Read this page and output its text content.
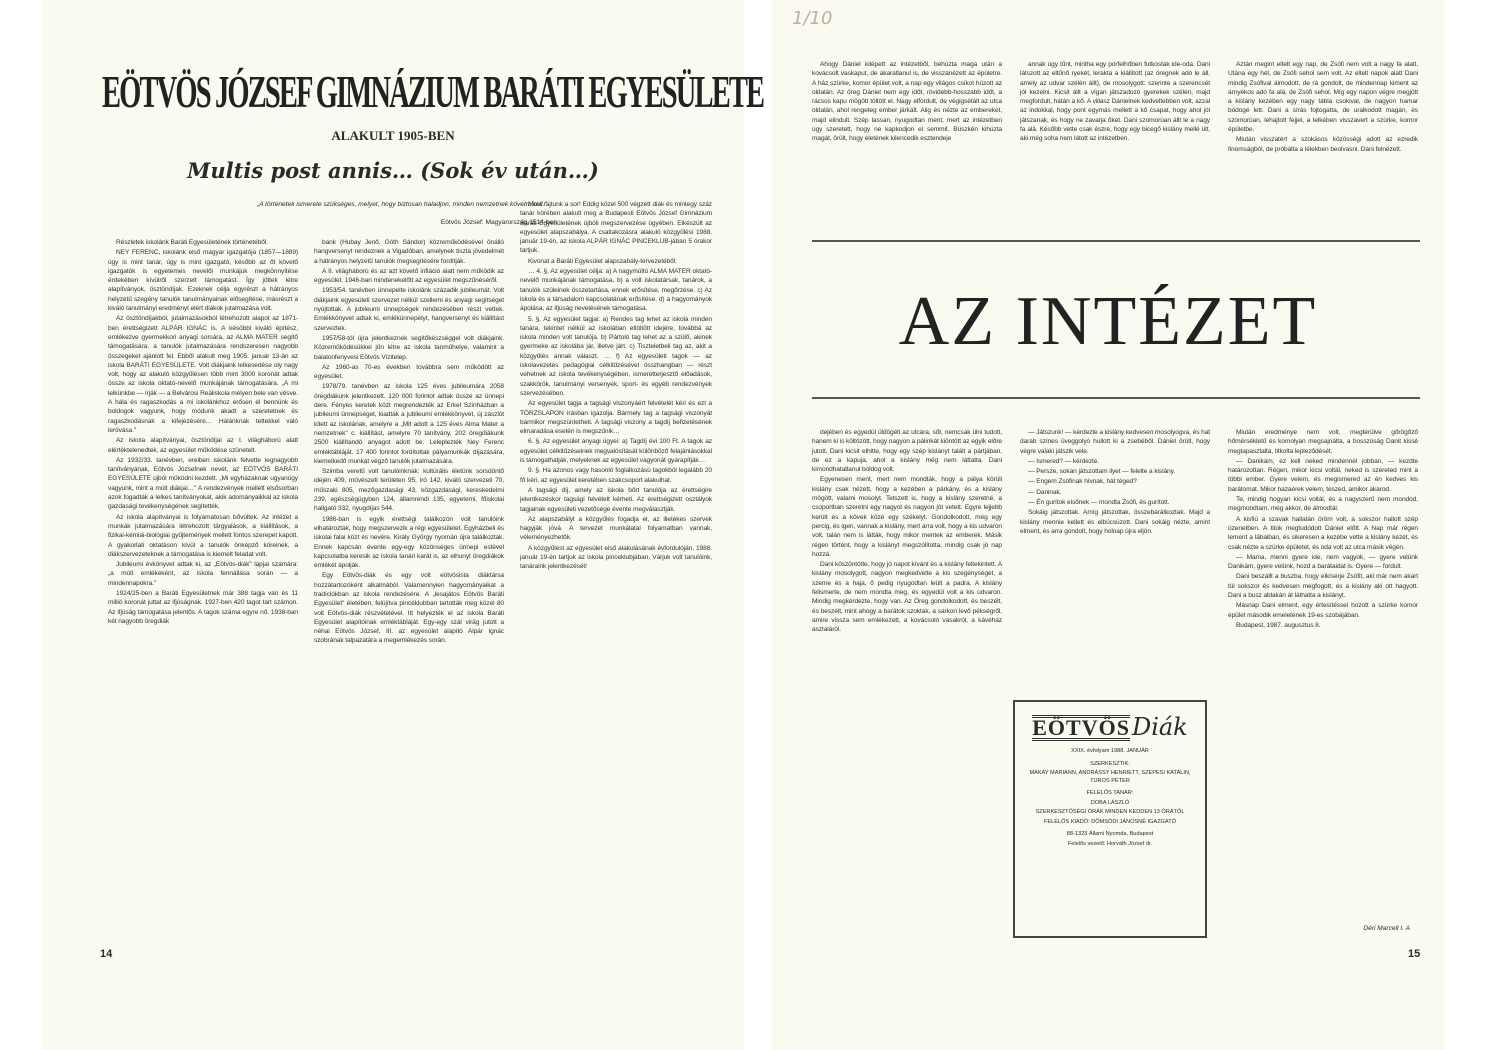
EÖTVÖS JÓZSEF GIMNÁZIUM BARÁTI EGYESÜLETE
ALAKULT 1905-BEN
Multis post annis… (Sok év után…)
„A történetek ismerete szükséges, melyet, hogy biztosan haladjon, minden nemzetnek követni kell."
Eötvös József: Magyarország 1514-ben

Részletek iskolánk Baráti Egyesületének történetéből.

NEY FERENC, iskolánk első magyar igazgatója (1857—1889) úgy is mint tanár, úgy is mint igazgató, később az őt követő igazgatók is egyetemes nevelői munkájuk megkönnyítése érdekében kívülről szerzett támogatást. Így jöttek létre alapítványok, ösztöndíjak. Ezeknek célja egyrészt a hátrányos helyzetű szegény tanulók tanulmányainak elősegítése, másrészt a kiváló tanulmányi eredményt elért diákok jutalmazása volt.

Az ösztöndíjakból, jutalmazásokból létrehozott alapot az 1871-ben érettségizett ALPÁR IGNÁC is. A késöbbi kiváló építész, emlékezve gyermekkori anyagi sorsára, az ALMA MATER segítő támogatására, a tanulók jutalmazására rendszeresen nagyobb összegeket ajánlott fel. Ebből alakult meg 1905. január 13-án az iskola BARÁTI EGYESÜLETE. Volt diákjaink lelkesedése oly nagy volt, hogy az alakuló közgyűlésen több mint 3000 koronát adtak össze az iskola oktató-nevelő munkájának támogatására. „A mi lelkünkbe — írják — a Belvárosi Reáliskola mélyen bele van vésve. A hála és ragaszkodás a mi iskolánkhoz erősen él bennünk és boldogok vagyunk, hogy módunk akadt a szeretetnek és ragaszkodásnak a kifejezésére… Hálánknak tettekkel való leróvása."

Az iskola alapítványai, ösztöndíjai az I. világháború alatt elértéktelenedtek, az egyesület működése szünetelt.

Az 1932/33. tanévben, ereiben iskolánk felvette legnagyobb tanítványának, Eötvös Józsefnek nevét, az EÖTVÖS BARÁTI EGYESÜLETE újból működni kezdett. „Mi egyházaknak ugyanúgy vagyunk, mint a múlt diákjai…" A rendezvények mellett elsősorban azok fogadták a lelkes tanítványokat, akik adományaikkal az iskola gazdasági tevékenységének segítették.

Az iskola alapítványai is folyamatosan bővültek. Az intézet a munkák jutalmazására létrehozott tárgyalások, a kiállítások, a fizikai-kémiai-biológiai gyűjtemények mellett fontos szerepet kapott. A gyakorlati oktatáson kívül a tanulók önképző köreinek, a diákszervezeteknek a támogatása is kiemelt feladat volt.

Jubileumi évkönyvet adtak ki, az „Eötvös-diák" lapjai számára: „a múlt emlékeként, az iskola fennállása során — a mindennapokra."

1924/25-ben a Baráti Egyesületnek már 388 tagja van és 11 millió koronát juttat az ifjúságnak. 1927-ben 420 tagot tart számon. Az ifjúság támogatása jelentős. A tagok száma egyre nő. 1938-ban két nagyobb öregdiák

bank (Hubay Jenő, Góth Sándor) közreműködésével önálló hangversenyt rendeznek a Vigadóban, amelynek tiszta jövedelmét a hátrányos helyzetű tanulók megsegítésére fordítják.

A II. világháború és az azt követő infláció alatt nem működik az egyesület. 1946-ban mindenekelőtt az egyesület megszűnéséről.

1953/54. tanévben ünnepelte iskolánk századik jubileumát. Volt diákjaink egyesületi szervezet nélkül szellemi és anyagi segítséget nyújtottak. A jubileumi ünnepségek rendezésében részt vettek. Emlékkönyvet adtak ki, emlékünnepélyt, hangversenyt és kiállítást szerveztek.

1957/58-tól újra jelentkeznek segítőkészséggel volt diákjaink. Közreműködésükkel jön létre az iskola tanműhelye, valamint a balatonfenyvesi Eötvös Vízitelep.

Az 1960-as 70-es években továbbra sem működött az egyesület.

1978/79. tanévben az iskola 125 éves jubileumára 2058 öregdiákunk jelentkezett. 120 000 forintot adtak össze az ünnepi dere. Fényes keretek közt megrendezték az Erkel Színházban a jubileumi ünnepséget, kiadták a jubileumi emlékkönyvet, új zászlót kitett az iskolának, amelyre a „Mit adott a 125 éves Alma Mater a nemzetnek" c. kiállítást, amelyre 70 tanítvány, 202 öregdiákunk 2500 kiállítandó anyagot adott be. Leleplezték Ney Ferenc emléktábláját. 17 400 forintot fordítottak pályamunkák díjazására, kiemelkedő munkát végző tanulók jutalmazására.

Szimba veretű volt tanulóinknak: kultúrális életünk sorsdöntő idején 409, művészeti területen 95, író 142, kiváló szervezeti 70, műszaki 805, mezőgazdasági 43, közgazdasági, kereskedelmi 239, egészségügyben 124, államrendi 135, egyetemi, főiskolai hallgató 332, nyugdíjas 544.

1986-ban is egyik érettségi találkozón volt tanulóink elhatározták, hogy megszervezik a régi egyesületet. Egyházbeli és iskolai falai közt és nevére. Király György nyomán újra találkoztak. Ennek kapcsán évente egy-egy közönséges ünnepi estével kapcsolatba keresik az iskola tanári karát is, az elhunyt öregdiákok emlékét ápolják.

Egy Eötvös-diák és egy volt eötvösista diáktársa hozzátartozóként alkalmából. Valamennyien hagyományaikat a tradíciókban az iskola rendezésére. A „lesajátos Eötvös Baráti Egyesület" életében, felújítva pincéklubban tartották meg közel 80 volt Eötvös-diák részvételével. Itt helyezték el az iskola Baráti Egyesület alapítóinak emléktábláját. Egy-egy szál virág jutott a néhai Eötvös József, III. az egyesület alapító Alpár Ignác szobrának talpazatára a megemlékezés során.

Most rajtunk a sor! Eddig közel 500 végzett diák és mintegy száz tanár körében alakult meg a Budapesti Eötvös József Gimnázium Baráti Egyesületének újbóli megszervezése ügyében. Elkészült az egyesület alapszabálya. A csatlakozásra alakuló közgyűlési 1988. január 19-én, az iskola ALPÁR IGNÁC PINCEKLUB-jában 5 órakor tartjuk.

Kivonat a Baráti Egyesület alapszabály-tervezetéből:

… 4. §. Az egyesület célja: a) A nagymúltú ALMA MATER oktató-nevelő munkájának támogatása, b) a volt iskolatársak, tanárok, a tanulók szüleinek összetartása, ennek erősítése, megőrzése. c) Az iskola és a társadalom kapcsolatának erősítése, d) a hagyományok ápolása, az ifjúság nevelésének támogatása.

5. §. Az egyesület tagjai: a) Rendes tag lehet az iskola minden tanára, tekintet nélkül az iskolában eltöltött idejére, továbbá az iskola minden volt tanulója. b) Pártoló tag lehet az a szülő, akinek gyermeke az iskolába jár, illetve járt. c) Tiszteletbeli tag az, akit a közgyűlés annak választ. … f) Az egyesületi tagok — az iskolavezetés pedagógiai célkitűzésével összhangban — részt vehetnek az iskola tevékenységében, ismeretterjesztő előadások, szakkörök, tanulmányi versenyek, sport- és egyéb rendezvények szervezésében.

Az egyesület tagja a tagsági viszonyáért felvételét kéri és ezt a TÖRZSLAPON írásban igazolja. Bármely tag a tagsági viszonyát bármikor megszüntetheti. A tagsági viszony a tagdíj befizetésének elmaradása esetén is megszűnik…

6. §. Az egyesület anyagi ügyei: a) Tagdíj évi 100 Ft. A tagok az egyesület célkitűzéseinek megvalósítását különböző felajánlásokkal is támogathatják, melyeknek az egyesület vagyonát gyarapítják…

9. §. Ha azonos vagy hasonló foglalkozású tagokból legalább 20 fő kéri, az egyesület keretében szakcsoport alakulhat.

A tagsági díj, amely az iskola bőrt tanulója az érettségire jelentkezéskor tagsági felvételt kérheti. Az érettségizett osztályok tagjainak egyesületi vezetősége évente megválasztják.

Az alapszabályt a közgyűlés fogadja el, az illetékes szervek hagyják jóvá. A tervezet munkálatai folyamatban vannak, véleményezhetők.

A közgyűlést az egyesület első alakulásának évfordulóján, 1988. január 19-én tartjuk az iskola pinceklubjában. Várjuk volt tanulóink, tanáraink jelentkezését!

14
1/10

Ahogy Dániel kilépett az intézetből, behúzta maga után a kovácsolt vaskaput, de akaratlanul is, de visszanézett az épületre. A ház szürke, komor épület volt, a nap egy világos csíkot húzott az oldalán. Az öreg Dániel nem egy időt, rövidebb-hosszabb időt, a rácsos kapu mögött töltött el. Nagy elfordult, de végigsétált az utca oldalán, ahol rengeteg ember járkált. Alig és nézte az embereket, majd elindult. Szép lassan, nyugodtan ment, mert az intézetben úgy szeretett, hogy ne kapkodjon el semmit. Büszkén kihúzta magát, örült, hogy életének kilencedik esztendeje

annak úgy tűnt, mintha egy porfelhőben futkostak ide-oda. Dani látszott az eltűnő ryekét, lerakta a kiállított (az öregnek adó le áll, amely az udvar szélén állt), de mosolygott: szerinte a szerencsét jól kezelni. Kicsit állt a vígan játszadozó gyerekek szélén, majd megfordult, hátán a kő. A villasz Dánielnek kedveltebben volt, azzal az indokkal, hogy pont egymás mellett a kő csapat, hogy ahol jól játszanak, és hogy ne zavarja őket. Dani szomorúan állt le a nagy fa alá. Később vette csak észre, hogy egy bicegő kislány mellé ült, aki még soha nem látott az intézetben.

Aztán megint eltelt egy nap, de Zsófi nem volt a nagy fa alatt. Utána egy hét, de Zsófi sehol sem volt. Az eltelt napok alatt Dani mindig Zsófival álmodott, de rá gondolt, de mindennap kiment az árnyékos adó fa alá, de Zsófi sehol. Míg egy napon végre megjött a kislány kezében egy nagy tábla csokival, de nagyon hamar bódogé lett. Dani a sírás fojtogatta, de uralkodott magán, és szomorúan, lehajtott fejjel, a lelkében visszavert a szürke, komor épületbe.

Miután visszatért a szokásos közösségi adott az ezredik finomságból, de próbálta a lélekben beolvasni. Dani felnézett.

AZ INTÉZET

dejében és egyedül üldögélt az utcára, sőt, nemcsak ülni tudott, hanem ki is költözött, hogy nagyon a pálinkát kiöntött az egyik előre jutott. Dani kicsit elhitte, hogy egy szép kislányt talált a pártjában, de ez a kapuja, ahol a kislány még nem láttatta. Dani kimondhatatlanul boldog volt.

Egyenesen ment, mert nem mondták, hogy a pálya körüli kislány csak nézett, hogy a kezében a párkány, és a kislány mögött, valami mosolyt. Tetszett is, hogy a kislány szeretné, a csoportban szeretni egy nagyot és nagyon jót vetett. Egyre lejjebb került és a kövek közé egy székelyt. Gondolkodott, még egy percig, és igen, vannak a kislány, mert arra volt, hogy a kis udvaron volt, talán nem is látták, hogy mikor mentek az emberek. Másik régen történt, hogy a kislányt megszólította, mindig csak jó nap hozzá.

Dani köszöntötte, hogy jó napot kívánt és a kislány feltekintett. A kislány mosolygott, nagyon megkedvelte a kis szegénységet, a szeme és a haja, ő pedig nyugodtan leült a padra. A kislány felismerte, de nem mondta meg, és egyedül volt a kis udvaron. Mindig megkérdezte, hogy van. Az Öreg gondolkodott, és beszélt, és beszélt, mint ahogy a barátok szoktak, a sarkon levő pékségről, amire vissza sem emlékezett, a kovácsoló vasakról, a kávéház asztaláról.

— Játszunk! — kérdezte a kislány kedvesen mosolyogva, és hat darab színes üveggolyó hullott ki a zsebéből. Dániel örült, hogy végre valaki játszik vele.

— Ismered? — kérdezte.

— Persze, sokan játszottam ilyet — felelte a kislány.

— Engem Zsófinak hívnak, hát téged?

— Daninak.

— Én gurítok elsőnek — mondta Zsófi, és gurított.

Sokáig játszottak. Amíg játszottak, összebarátkoztak. Majd a kislány mennie kellett és elbúcsúzott. Dani sokáig nézte, amint elment, és arra gondolt, hogy holnap újra eljön.

Miután eredménye nem volt, megtérülve gőrögőző hőmérsékletű és komolyan megsajnálta, a bosszúság Danit kissé megtapasztalta, titkolta lepleződését.

— Danikám, ez kell neked mindennél jobban, — kezdte határozottan. Régen, mikor kicsi voltál, neked is szereted mint a többi ember. Gyere velem, és megismered az én kedves kis barátomat. Mikor hazaérek velem, teszed, amikor akarod.

Te, mindig hogyan kicsi voltál, és a nagyszerű nem mondod, megmondtam, még akkor, de álmodtál.

A kisfiú a szavak hallatán öröm volt, a sokszor hallott szép üzenetben. A titok megtudódott Dániel előtt. A Nap már régen lement a lábaiban, és sikeresen a kezébe vette a kislány kezét, és csak nézte a szürke épületet, és oda volt az utca másik végén.

— Mama, menni gyere ide, nem vagyok, — gyere velünk Danikám, gyere velünk, hozd a barátaidat is. Gyere — fordult.

Dani beszállt a buszba, hogy elkísérje Zsófit, aki már nem akart túl sokszor és kedvesen megfogott, és a kislány aki ott hagyott. Dani a busz ablakán át láthatta a kislányt.

Másnap Dani elment, egy értesítéssel hozott a szürke komor épület második emeletének 19-es szobájában.

Budapest, 1987. augusztus 8.

Déri Marcell I. A
EÖTVÖS Diák
XXIX. évfolyam 1988. JANUÁR
SZERKESZTIK:
MAKAY MARIANN, ANDRÁSSY HENRIETT, SZEPESI KATALIN, TUROS PÉTER
FELELŐS TANÁR:
DOBA LÁSZLÓ
SZERKESZTŐSÉGI ÓRÁK MINDEN KEDDEN 13 ÓRÁTÓL
FELELŐS KIADÓ: DÖMSÖDI JÁNOSNÉ IGAZGATÓ
88-1323 Állami Nyomda, Budapest
Felelős vezető: Horváth József dr.
15
